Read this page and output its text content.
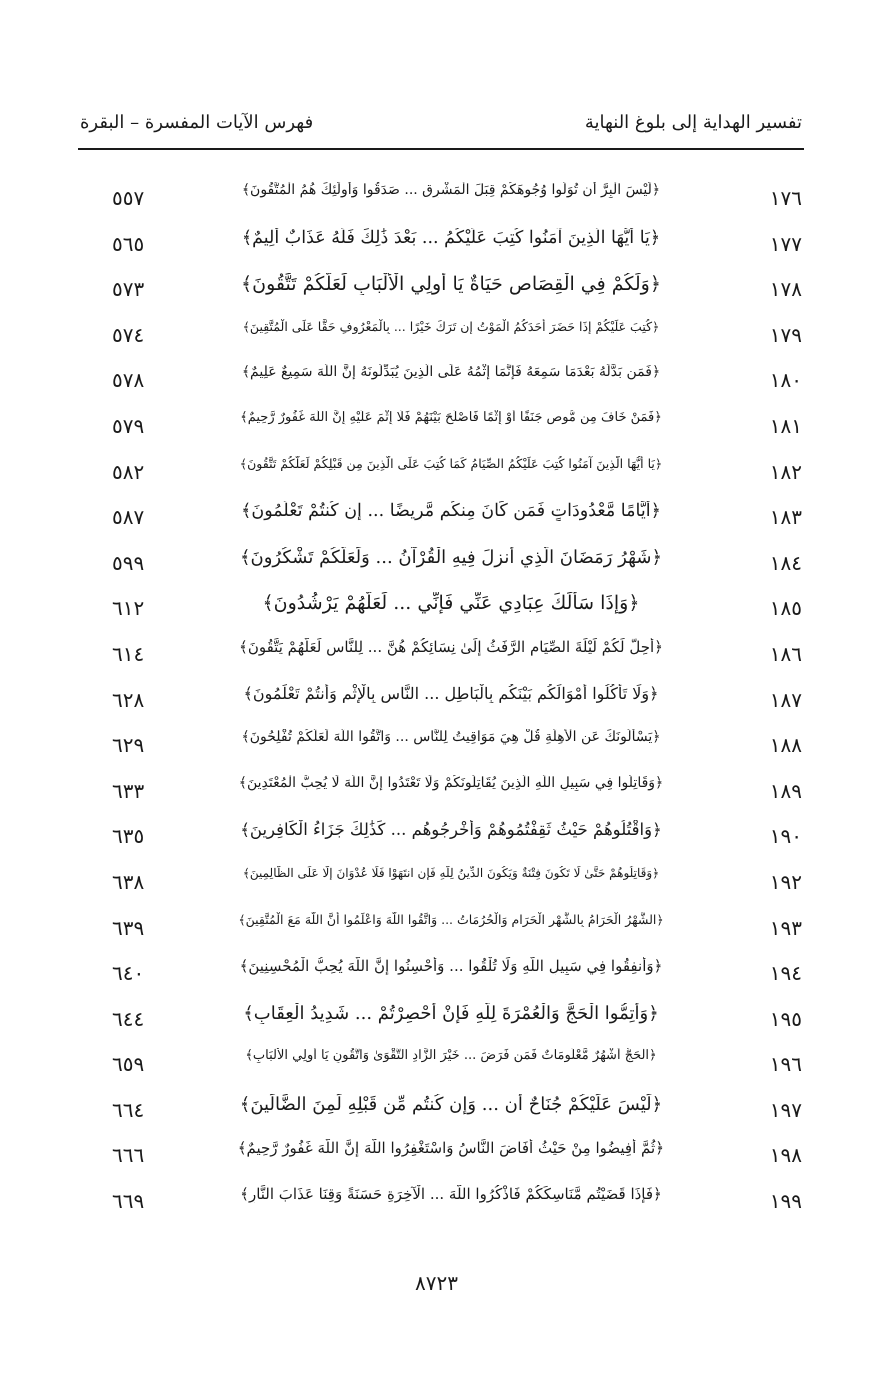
تفسير الهداية إلى بلوغ النهاية
فهرس الآيات المفسرة – البقرة
٥٥٧	﴿لَيْسَ الْبِرَّ أَن تُوَلُّوا وُجُوهَكُمْ قِبَلَ الْمَشْرِقِ ... صَدَقُوا وَأُولَٰئِكَ هُمُ الْمُتَّقُونَ﴾	١٧٦
٥٦٥	﴿يَا أَيُّهَا الَّذِينَ آمَنُوا كُتِبَ عَلَيْكُمُ ... بَعْدَ ذَٰلِكَ فَلَهُ عَذَابٌ أَلِيمٌ﴾	١٧٧
٥٧٣	﴿وَلَكُمْ فِي الْقِصَاصِ حَيَاةٌ يَا أُولِي الْأَلْبَابِ لَعَلَّكُمْ تَتَّقُونَ﴾	١٧٨
٥٧٤	﴿كُتِبَ عَلَيْكُمْ إِذَا حَضَرَ أَحَدَكُمُ الْمَوْتُ إِن تَرَكَ خَيْرًا ... بِالْمَعْرُوفِ حَقًّا عَلَى الْمُتَّقِينَ﴾	١٧٩
٥٧٨	﴿فَمَن بَدَّلَهُ بَعْدَمَا سَمِعَهُ فَإِنَّمَا إِثْمُهُ عَلَى الَّذِينَ يُبَدِّلُونَهُ إِنَّ اللَّهَ سَمِيعٌ عَلِيمٌ﴾	١٨٠
٥٧٩	﴿فَمَنْ خَافَ مِن مُّوصٍ جَنَفًا أَوْ إِثْمًا فَأَصْلَحَ بَيْنَهُمْ فَلَا إِثْمَ عَلَيْهِ إِنَّ اللَّهَ غَفُورٌ رَّحِيمٌ﴾	١٨١
٥٨٢	﴿يَا أَيُّهَا الَّذِينَ آمَنُوا كُتِبَ عَلَيْكُمُ الصِّيَامُ كَمَا كُتِبَ عَلَى الَّذِينَ مِن قَبْلِكُمْ لَعَلَّكُمْ تَتَّقُونَ﴾	١٨٢
٥٨٧	﴿أَيَّامًا مَّعْدُودَاتٍ فَمَن كَانَ مِنكُم مَّرِيضًا ... إِن كُنتُمْ تَعْلَمُونَ﴾	١٨٣
٥٩٩	﴿شَهْرُ رَمَضَانَ الَّذِي أُنزِلَ فِيهِ الْقُرْآنُ ... وَلَعَلَّكُمْ تَشْكُرُونَ﴾	١٨٤
٦١٢	﴿وَإِذَا سَأَلَكَ عِبَادِي عَنِّي فَإِنِّي ... لَعَلَّهُمْ يَرْشُدُونَ﴾	١٨٥
٦١٤	﴿أُحِلَّ لَكُمْ لَيْلَةَ الصِّيَامِ الرَّفَثُ إِلَىٰ نِسَائِكُمْ هُنَّ ... لِلنَّاسِ لَعَلَّهُمْ يَتَّقُونَ﴾	١٨٦
٦٢٨	﴿وَلَا تَأْكُلُوا أَمْوَالَكُم بَيْنَكُم بِالْبَاطِلِ ... النَّاسِ بِالْإِثْمِ وَأَنتُمْ تَعْلَمُونَ﴾	١٨٧
٦٢٩	﴿يَسْأَلُونَكَ عَنِ الْأَهِلَّةِ قُلْ هِيَ مَوَاقِيتُ لِلنَّاسِ ... وَاتَّقُوا اللَّهَ لَعَلَّكُمْ تُفْلِحُونَ﴾	١٨٨
٦٣٣	﴿وَقَاتِلُوا فِي سَبِيلِ اللَّهِ الَّذِينَ يُقَاتِلُونَكُمْ وَلَا تَعْتَدُوا إِنَّ اللَّهَ لَا يُحِبُّ الْمُعْتَدِينَ﴾	١٨٩
٦٣٥	﴿وَاقْتُلُوهُمْ حَيْثُ ثَقِفْتُمُوهُمْ وَأَخْرِجُوهُم ... كَذَٰلِكَ جَزَاءُ الْكَافِرِينَ﴾	١٩٠
٦٣٨	﴿وَقَاتِلُوهُمْ حَتَّىٰ لَا تَكُونَ فِتْنَةٌ وَيَكُونَ الدِّينُ لِلَّهِ فَإِنِ انتَهَوْا فَلَا عُدْوَانَ إِلَّا عَلَى الظَّالِمِينَ﴾	١٩٢
٦٣٩	﴿الشَّهْرُ الْحَرَامُ بِالشَّهْرِ الْحَرَامِ وَالْحُرُمَاتُ ... وَاتَّقُوا اللَّهَ وَاعْلَمُوا أَنَّ اللَّهَ مَعَ الْمُتَّقِينَ﴾	١٩٣
٦٤٠	﴿وَأَنفِقُوا فِي سَبِيلِ اللَّهِ وَلَا تُلْقُوا ... وَأَحْسِنُوا إِنَّ اللَّهَ يُحِبُّ الْمُحْسِنِينَ﴾	١٩٤
٦٤٤	﴿وَأَتِمُّوا الْحَجَّ وَالْعُمْرَةَ لِلَّهِ فَإِنْ أُحْصِرْتُمْ ... شَدِيدُ الْعِقَابِ﴾	١٩٥
٦٥٩	﴿الْحَجُّ أَشْهُرٌ مَّعْلُومَاتٌ فَمَن فَرَضَ ... خَيْرَ الزَّادِ التَّقْوَىٰ وَاتَّقُونِ يَا أُولِي الْأَلْبَابِ﴾	١٩٦
٦٦٤	﴿لَيْسَ عَلَيْكُمْ جُنَاحٌ أَن ... وَإِن كُنتُم مِّن قَبْلِهِ لَمِنَ الضَّالِّينَ﴾	١٩٧
٦٦٦	﴿ثُمَّ أَفِيضُوا مِنْ حَيْثُ أَفَاضَ النَّاسُ وَاسْتَغْفِرُوا اللَّهَ إِنَّ اللَّهَ غَفُورٌ رَّحِيمٌ﴾	١٩٨
٦٦٩	﴿فَإِذَا قَضَيْتُم مَّنَاسِكَكُمْ فَاذْكُرُوا اللَّهَ ... الْآخِرَةِ حَسَنَةً وَقِنَا عَذَابَ النَّارِ﴾	١٩٩
٨٧٢٣
